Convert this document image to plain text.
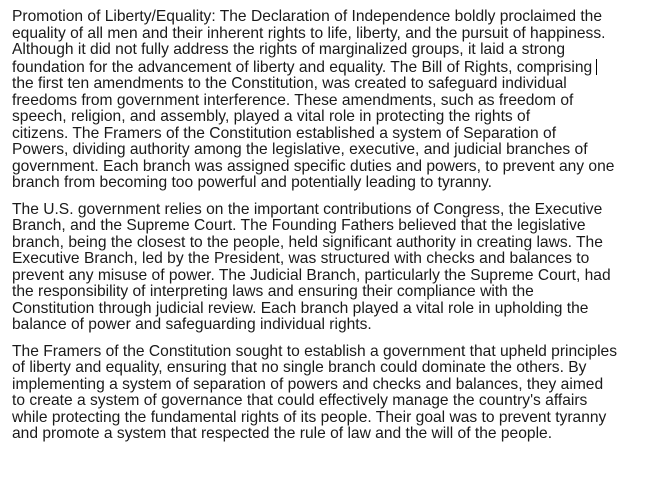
Promotion of Liberty/Equality: The Declaration of Independence boldly proclaimed the
equality of all men and their inherent rights to life, liberty, and the pursuit of happiness.
Although it did not fully address the rights of marginalized groups, it laid a strong
foundation for the advancement of liberty and equality. The Bill of Rights, comprising
the first ten amendments to the Constitution, was created to safeguard individual
freedoms from government interference. These amendments, such as freedom of
speech, religion, and assembly, played a vital role in protecting the rights of
citizens. The Framers of the Constitution established a system of Separation of
Powers, dividing authority among the legislative, executive, and judicial branches of
government. Each branch was assigned specific duties and powers, to prevent any one
branch from becoming too powerful and potentially leading to tyranny.
The U.S. government relies on the important contributions of Congress, the Executive
Branch, and the Supreme Court. The Founding Fathers believed that the legislative
branch, being the closest to the people, held significant authority in creating laws. The
Executive Branch, led by the President, was structured with checks and balances to
prevent any misuse of power. The Judicial Branch, particularly the Supreme Court, had
the responsibility of interpreting laws and ensuring their compliance with the
Constitution through judicial review. Each branch played a vital role in upholding the
balance of power and safeguarding individual rights.
The Framers of the Constitution sought to establish a government that upheld principles
of liberty and equality, ensuring that no single branch could dominate the others. By
implementing a system of separation of powers and checks and balances, they aimed
to create a system of governance that could effectively manage the country's affairs
while protecting the fundamental rights of its people. Their goal was to prevent tyranny
and promote a system that respected the rule of law and the will of the people.
